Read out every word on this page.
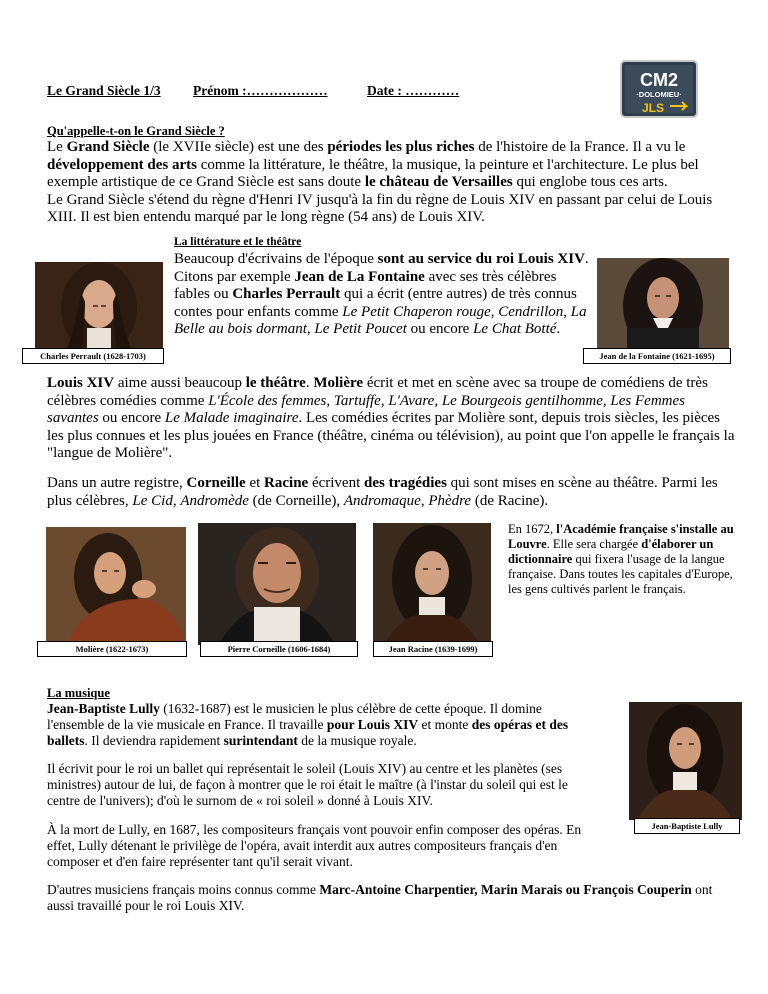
Le Grand Siècle 1/3 Prénom :………………	Date : …………
CM2
·DOLOMIEU·
JLS
Qu'appelle-t-on le Grand Siècle ?
Le Grand Siècle (le XVIIe siècle) est une des périodes les plus riches de l'histoire de la France. Il a vu le développement des arts comme la littérature, le théâtre, la musique, la peinture et l'architecture. Le plus bel exemple artistique de ce Grand Siècle est sans doute le château de Versailles qui englobe tous ces arts.
Le Grand Siècle s'étend du règne d'Henri IV jusqu'à la fin du règne de Louis XIV en passant par celui de Louis XIII. Il est bien entendu marqué par le long règne (54 ans) de Louis XIV.
Charles Perrault (1628-1703)
La littérature et le théâtre
Beaucoup d'écrivains de l'époque sont au service du roi Louis XIV. Citons par exemple Jean de La Fontaine avec ses très célèbres fables ou Charles Perrault qui a écrit (entre autres) de très connus contes pour enfants comme Le Petit Chaperon rouge, Cendrillon, La Belle au bois dormant, Le Petit Poucet ou encore Le Chat Botté.
Jean de la Fontaine (1621-1695)
Louis XIV aime aussi beaucoup le théâtre. Molière écrit et met en scène avec sa troupe de comédiens de très célèbres comédies comme L'École des femmes, Tartuffe, L'Avare, Le Bourgeois gentilhomme, Les Femmes savantes ou encore Le Malade imaginaire. Les comédies écrites par Molière sont, depuis trois siècles, les pièces les plus connues et les plus jouées en France (théâtre, cinéma ou télévision), au point que l'on appelle le français la "langue de Molière".
Dans un autre registre, Corneille et Racine écrivent des tragédies qui sont mises en scène au théâtre. Parmi les plus célèbres, Le Cid, Andromède (de Corneille), Andromaque, Phèdre (de Racine).
Molière (1622-1673)	Pierre Corneille (1606-1684)	Jean Racine (1639-1699)
En 1672, l'Académie française s'installe au Louvre. Elle sera chargée d'élaborer un dictionnaire qui fixera l'usage de la langue française. Dans toutes les capitales d'Europe, les gens cultivés parlent le français.
La musique
Jean-Baptiste Lully (1632-1687) est le musicien le plus célèbre de cette époque. Il domine l'ensemble de la vie musicale en France. Il travaille pour Louis XIV et monte des opéras et des ballets. Il deviendra rapidement surintendant de la musique royale.
Il écrivit pour le roi un ballet qui représentait le soleil (Louis XIV) au centre et les planètes (ses ministres) autour de lui, de façon à montrer que le roi était le maître (à l'instar du soleil qui est le centre de l'univers); d'où le surnom de « roi soleil » donné à Louis XIV.
À la mort de Lully, en 1687, les compositeurs français vont pouvoir enfin composer des opéras. En effet, Lully détenant le privilège de l'opéra, avait interdit aux autres compositeurs français d'en composer et d'en faire représenter tant qu'il serait vivant.
Jean-Baptiste Lully
D'autres musiciens français moins connus comme Marc-Antoine Charpentier, Marin Marais ou François Couperin ont aussi travaillé pour le roi Louis XIV.
